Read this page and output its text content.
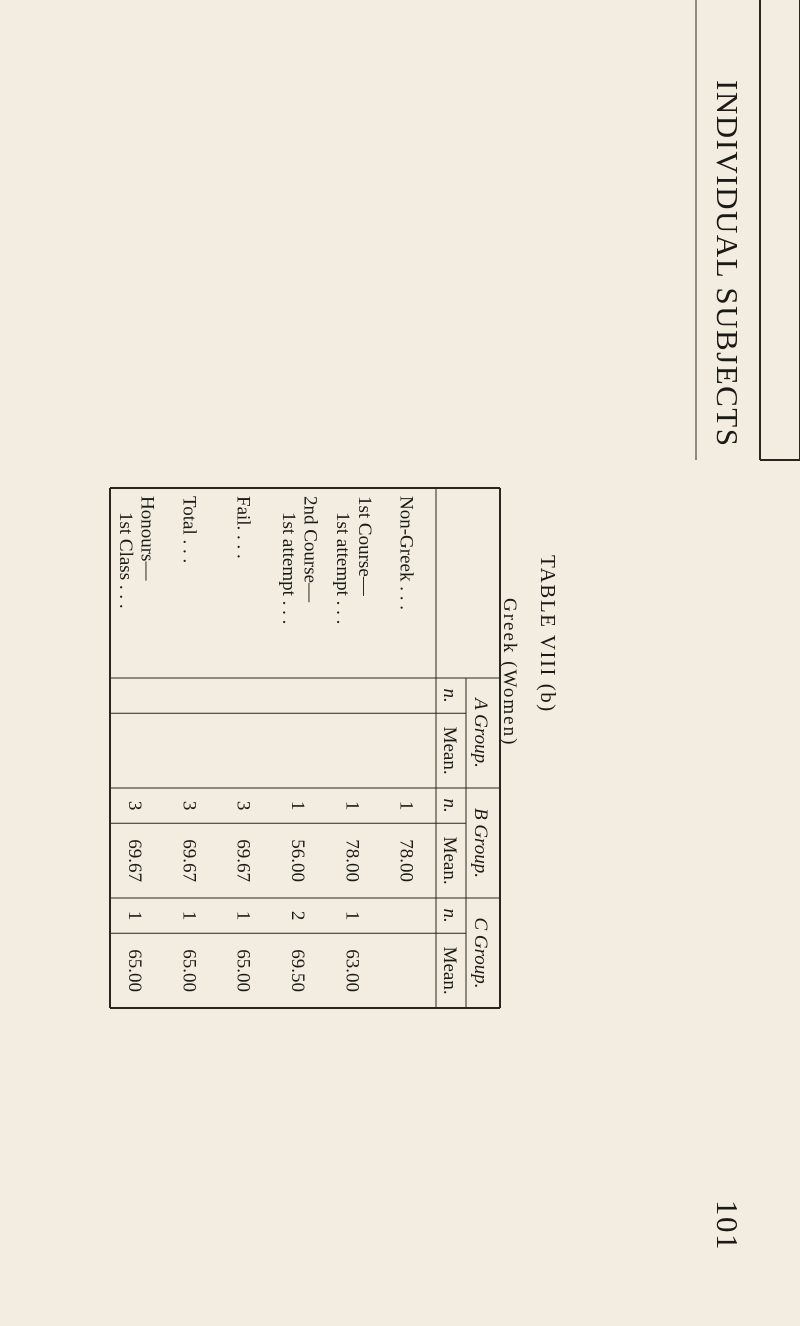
INDIVIDUAL SUBJECTS
101
TABLE VIII (b)
Greek (Women)
A Group.
n.
Mean.
B Group.
n.
Mean.
C Group.
n.
Mean.
Non-Greek . . .
1
78.00
1st Course—
1st attempt . . .
1
78.00
1
63.00
2nd Course—
1st attempt . . .
1
56.00
2
69.50
Fail. . . .
3
69.67
1
65.00
Total . . .
3
69.67
1
65.00
Honours—
1st Class . . .
3
69.67
1
65.00
